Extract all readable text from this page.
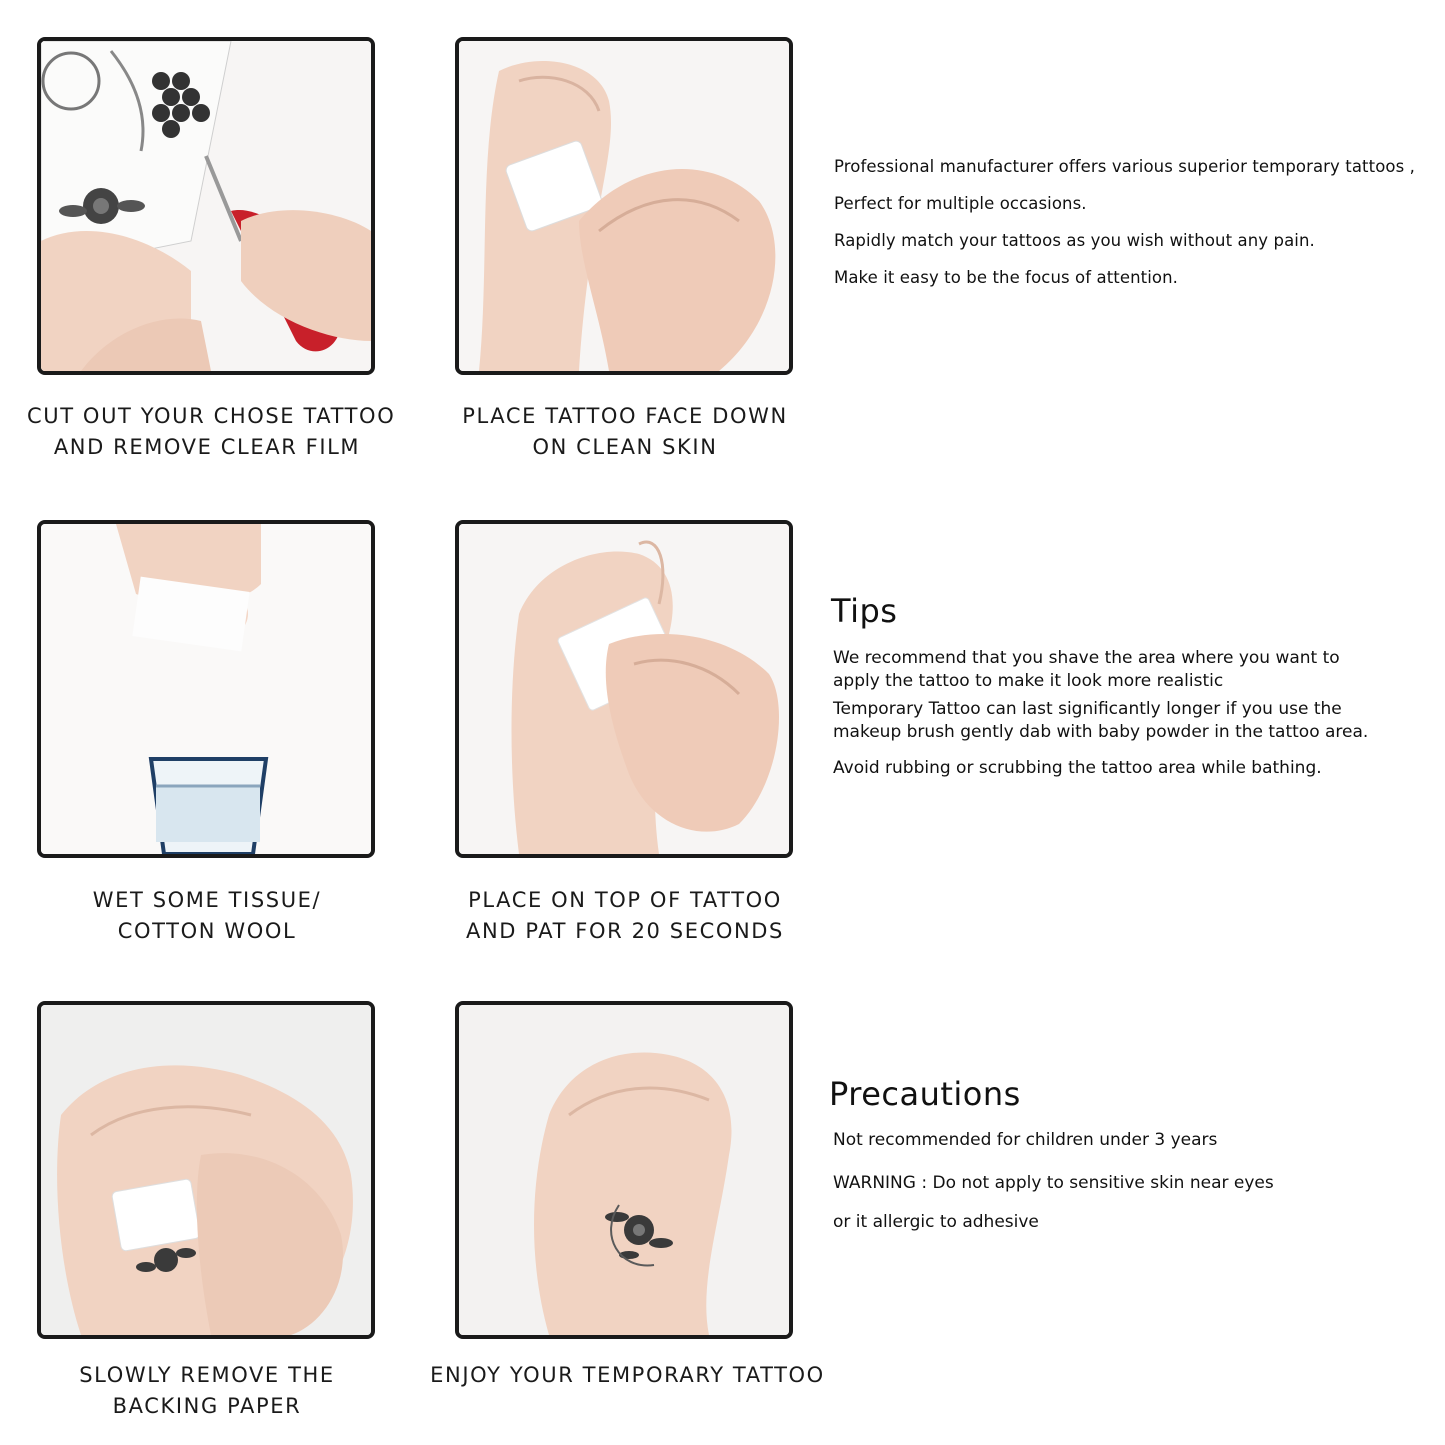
CUT OUT YOUR CHOSE TATTOO
AND REMOVE CLEAR FILM
PLACE TATTOO FACE DOWN
ON CLEAN SKIN
WET SOME TISSUE/
COTTON WOOL
PLACE ON TOP OF TATTOO
AND PAT FOR 20 SECONDS
SLOWLY REMOVE THE
BACKING PAPER
ENJOY YOUR TEMPORARY TATTOO
Professional manufacturer offers various superior temporary tattoos ,
Perfect for multiple occasions.
Rapidly match your tattoos as you wish without any pain.
Make it easy to be the focus of attention.
Tips
We recommend that you shave the area where you want to
apply the tattoo to make it look more realistic
Temporary Tattoo can last significantly longer if you use the
makeup brush gently dab with baby powder in the tattoo area.
Avoid rubbing or scrubbing the tattoo area while bathing.
Precautions
Not recommended for children under 3 years
WARNING : Do not apply to sensitive skin near eyes
or it allergic to adhesive
